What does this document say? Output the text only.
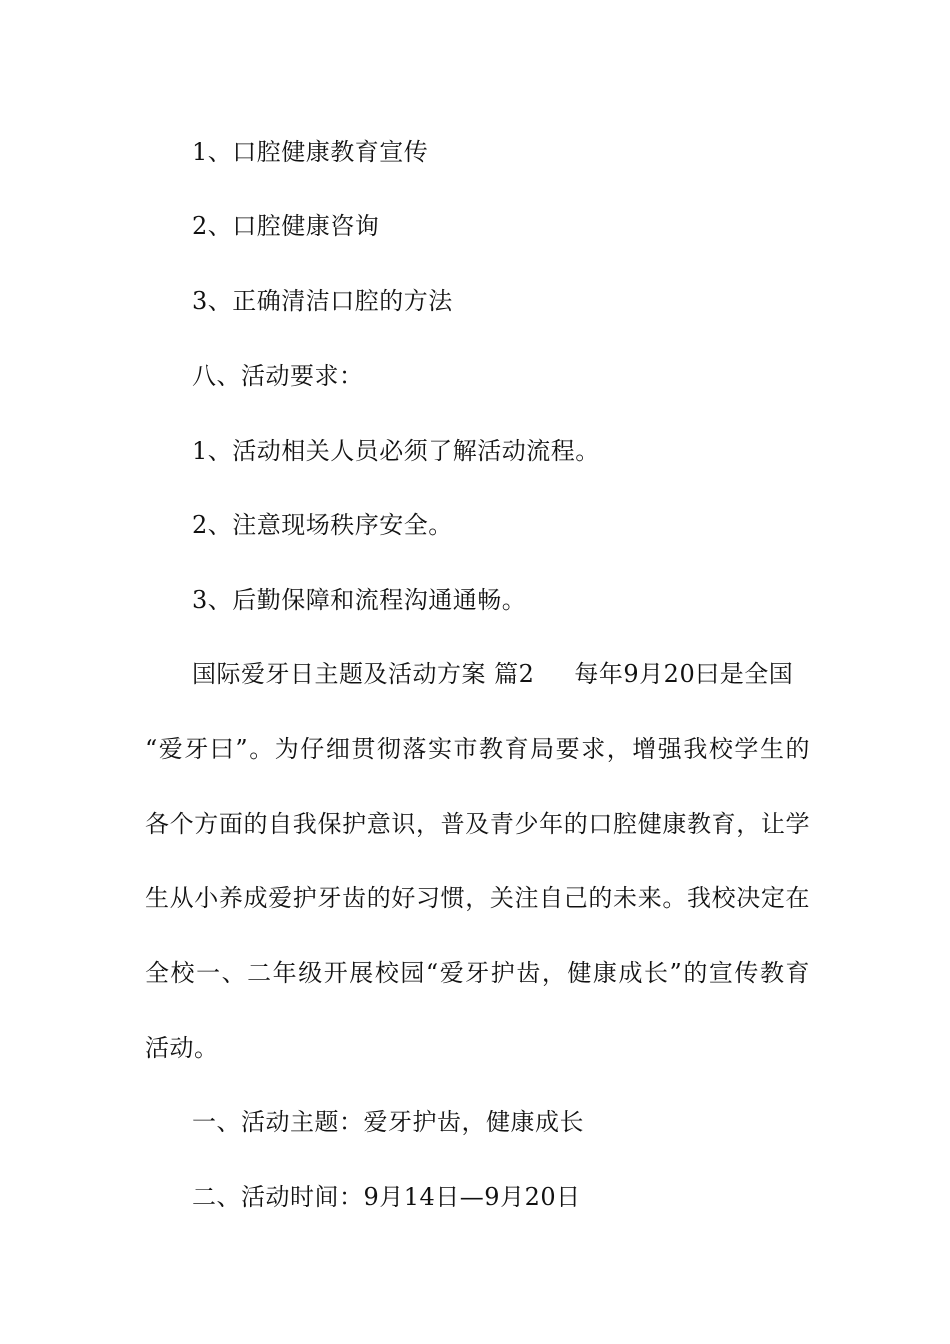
1、口腔健康教育宣传
2、口腔健康咨询
3、正确清洁口腔的方法
八、活动要求：
1、活动相关人员必须了解活动流程。
2、注意现场秩序安全。
3、后勤保障和流程沟通通畅。
国际爱牙日主题及活动方案 篇2 每年9月20曰是全国
“爱牙曰”。为仔细贯彻落实市教育局要求，增强我校学生的
各个方面的自我保护意识，普及青少年的口腔健康教育，让学
生从小养成爱护牙齿的好习惯，关注自己的未来。我校决定在
全校一、二年级开展校园“爱牙护齿，健康成长”的宣传教育
活动。
一、活动主题：爱牙护齿，健康成长
二、活动时间：9月14日—9月20日
